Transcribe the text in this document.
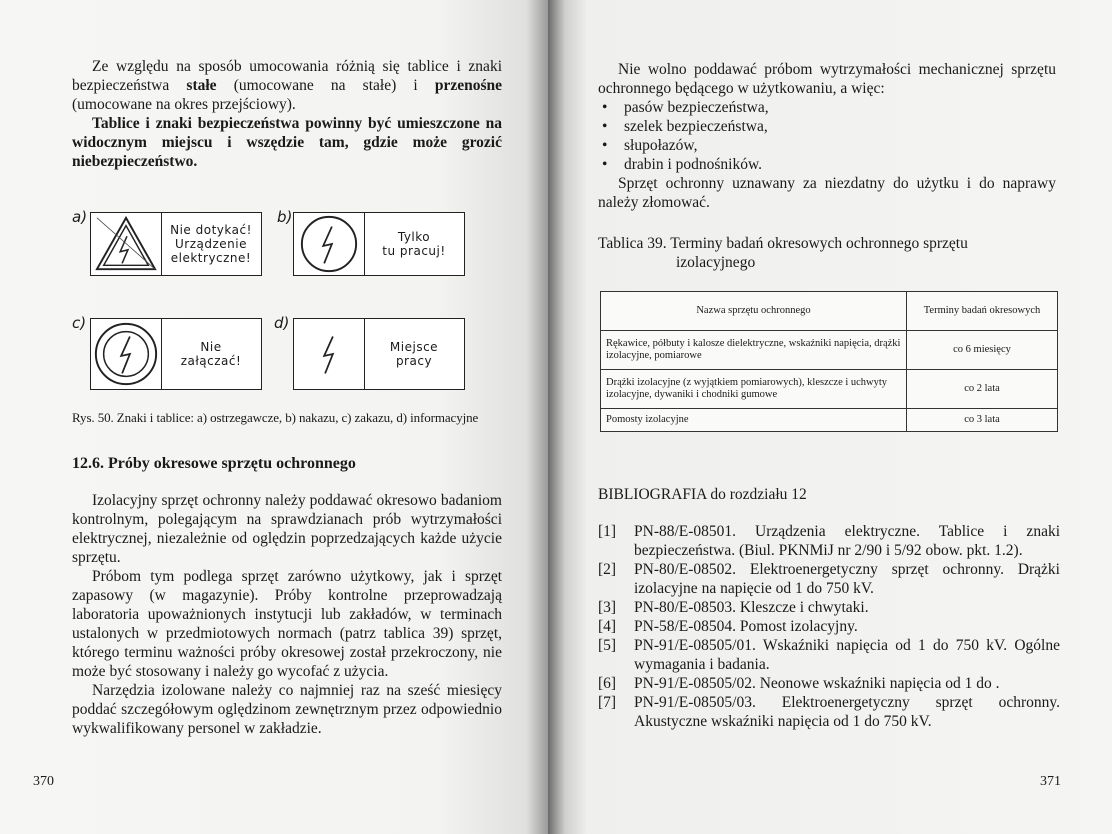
Ze względu na sposób umocowania różnią się tablice i znaki bezpieczeństwa stałe (umocowane na stałe) i przenośne (umocowane na okres przejściowy).

Tablice i znaki bezpieczeństwa powinny być umieszczone na widocznym miejscu i wszędzie tam, gdzie może grozić niebezpieczeństwo.

a)
Nie dotykać!
Urządzenie
elektryczne!
b)
Tylko
tu pracuj!
c)
Nie
załączać!
d)
Miejsce
pracy
Rys. 50. Znaki i tablice: a) ostrzegawcze, b) nakazu, c) zakazu, d) informacyjne
12.6. Próby okresowe sprzętu ochronnego

Izolacyjny sprzęt ochronny należy poddawać okresowo badaniom kontrolnym, polegającym na sprawdzianach prób wytrzymałości elektrycznej, niezależnie od oględzin poprzedzających każde użycie sprzętu.

Próbom tym podlega sprzęt zarówno użytkowy, jak i sprzęt zapasowy (w magazynie). Próby kontrolne przeprowadzają laboratoria upoważnionych instytucji lub zakładów, w terminach ustalonych w przedmiotowych normach (patrz tablica 39) sprzęt, którego terminu ważności próby okresowej został przekroczony, nie może być stosowany i należy go wycofać z użycia.

Narzędzia izolowane należy co najmniej raz na sześć miesięcy poddać szczegółowym oględzinom zewnętrznym przez odpowiednio wykwalifikowany personel w zakładzie.

370

Nie wolno poddawać próbom wytrzymałości mechanicznej sprzętu ochronnego będącego w użytkowaniu, a więc:

• pasów bezpieczeństwa,
• szelek bezpieczeństwa,
• słupołazów,
• drabin i podnośników.

Sprzęt ochronny uznawany za niezdatny do użytku i do naprawy należy złomować.

Tablica 39. Terminy badań okresowych ochronnego sprzętu
izolacyjnego
Nazwa sprzętu ochronnego	Terminy badań okresowych
Rękawice, półbuty i kalosze dielektryczne, wskaźniki napięcia, drążki izolacyjne, pomiarowe	co 6 miesięcy
Drążki izolacyjne (z wyjątkiem pomiarowych), kleszcze i uchwyty izolacyjne, dywaniki i chodniki gumowe	co 2 lata
Pomosty izolacyjne	co 3 lata
BIBLIOGRAFIA do rozdziału 12
[1] PN-88/E-08501. Urządzenia elektryczne. Tablice i znaki bezpieczeństwa. (Biul. PKNMiJ nr 2/90 i 5/92 obow. pkt. 1.2).
[2] PN-80/E-08502. Elektroenergetyczny sprzęt ochronny. Drążki izolacyjne na napięcie od 1 do 750 kV.
[3] PN-80/E-08503. Kleszcze i chwytaki.
[4] PN-58/E-08504. Pomost izolacyjny.
[5] PN-91/E-08505/01. Wskaźniki napięcia od 1 do 750 kV. Ogólne wymagania i badania.
[6] PN-91/E-08505/02. Neonowe wskaźniki napięcia od 1 do .
[7] PN-91/E-08505/03. Elektroenergetyczny sprzęt ochronny. Akustyczne wskaźniki napięcia od 1 do 750 kV.
371
